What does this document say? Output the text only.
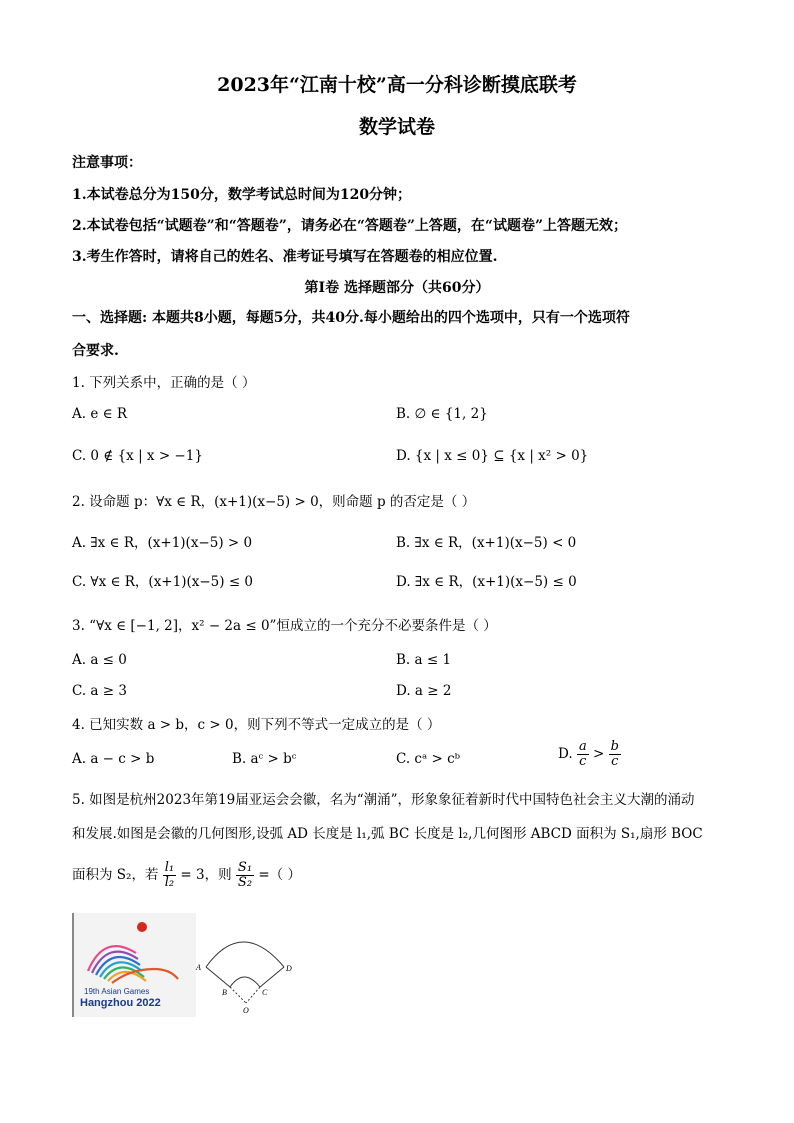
2023年“江南十校”高一分科诊断摸底联考
数学试卷
注意事项：
1.本试卷总分为150分，数学考试总时间为120分钟；
2.本试卷包括“试题卷”和“答题卷”，请务必在“答题卷”上答题，在“试题卷”上答题无效；
3.考生作答时，请将自己的姓名、准考证号填写在答题卷的相应位置.
第Ⅰ卷 选择题部分（共60分）
一、选择题: 本题共8小题，每题5分，共40分.每小题给出的四个选项中，只有一个选项符
合要求.
1. 下列关系中，正确的是（ ）
A. e ∈ R	B. ∅ ∈ {1, 2}
C. 0 ∉ {x | x > −1}	D. {x | x ≤ 0} ⊆ {x | x² > 0}
2. 设命题 p：∀x ∈ R，(x+1)(x−5) > 0，则命题 p 的否定是（ ）
A. ∃x ∈ R，(x+1)(x−5) > 0	B. ∃x ∈ R，(x+1)(x−5) < 0
C. ∀x ∈ R，(x+1)(x−5) ≤ 0	D. ∃x ∈ R，(x+1)(x−5) ≤ 0
3. “∀x ∈ [−1, 2]，x² − 2a ≤ 0”恒成立的一个充分不必要条件是（ ）
A. a ≤ 0	B. a ≤ 1
C. a ≥ 3	D. a ≥ 2
4. 已知实数 a > b，c > 0，则下列不等式一定成立的是（ ）
A. a − c > b	B. aᶜ > bᶜ	C. cᵃ > cᵇ	D. $\frac{a}{c} > \frac{b}{c}$
5. 如图是杭州2023年第19届亚运会会徽，名为“潮涌”，形象象征着新时代中国特色社会主义大潮的涌动
和发展.如图是会徽的几何图形,设弧 AD 长度是 l₁,弧 BC 长度是 l₂,几何图形 ABCD 面积为 S₁,扇形 BOC
面积为 S₂，若 $\frac{\text{l₁}}{\text{l₂}} = 3$，则 $\frac{\text{S₁}}{\text{S₂}}$ =（ ）
19th Asian Games
Hangzhou 2022
A
B	C
D
O
